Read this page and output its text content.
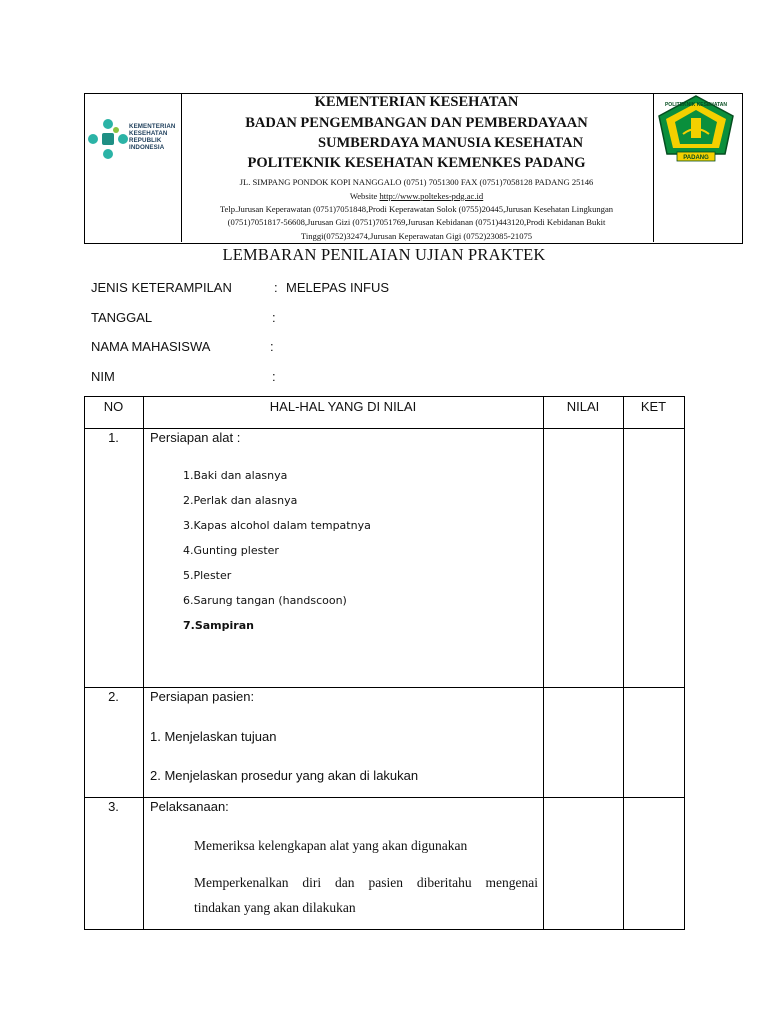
KEMENTERIAN
KESEHATAN
REPUBLIK
INDONESIA
KEMENTERIAN KESEHATAN
BADAN PENGEMBANGAN DAN PEMBERDAYAAN
SUMBERDAYA MANUSIA KESEHATAN
POLITEKNIK KESEHATAN KEMENKES PADANG
JL. SIMPANG PONDOK KOPI NANGGALO (0751) 7051300 FAX (0751)7058128 PADANG 25146
Website http://www.poltekes-pdg.ac.id
Telp.Jurusan Keperawatan (0751)7051848,Prodi Keperawatan Solok (0755)20445,Jurusan Kesehatan Lingkungan
(0751)7051817-56608,Jurusan Gizi (0751)7051769,Jurusan Kebidanan (0751)443120,Prodi Kebidanan Bukit
Tinggi(0752)32474,Jurusan Keperawatan Gigi (0752)23085-21075
PADANG
POLITEKNIK KESEHATAN
LEMBARAN PENILAIAN UJIAN PRAKTEK
JENIS KETERAMPILAN	: MELEPAS INFUS
TANGGAL	:
NAMA MAHASISWA	:
NIM	:
NO	HAL-HAL YANG DI NILAI	NILAI	KET
1.	Persiapan alat :
1.Baki dan alasnya
2.Perlak dan alasnya
3.Kapas alcohol dalam tempatnya
4.Gunting plester
5.Plester
6.Sarung tangan (handscoon)
7.Sampiran
2.	Persiapan pasien:
1. Menjelaskan tujuan
2. Menjelaskan prosedur yang akan di lakukan
3.	Pelaksanaan:
Memeriksa kelengkapan alat yang akan digunakan
Memperkenalkan diri dan pasien diberitahu mengenai
tindakan yang akan dilakukan
